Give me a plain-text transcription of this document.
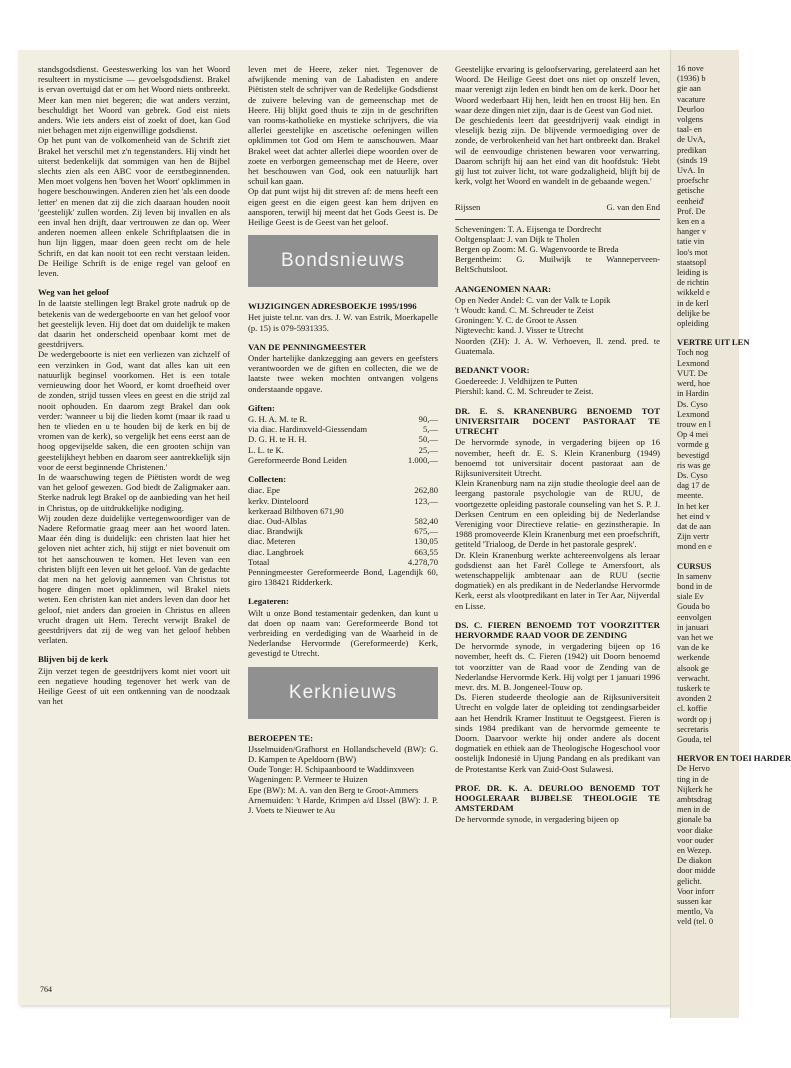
standsgodsdienst. Geesteswerking los van het Woord resulteert in mysticisme — gevoelsgodsdienst. Brakel is ervan overtuigd dat er om het Woord niets ontbreekt. Meer kan men niet begeren; die wat anders verzint, beschuldigt het Woord van gebrek. God eist niets anders. Wie iets anders eist of zoekt of doet, kan God niet behagen met zijn eigenwillige godsdienst.

Op het punt van de volkomenheid van de Schrift ziet Brakel het verschil met z'n tegenstanders. Hij vindt het uiterst bedenkelijk dat sommigen van hen de Bijbel slechts zien als een ABC voor de eerstbeginnenden. Men moet volgens hen 'boven het Woort' opklimmen in hogere beschouwingen. Anderen zien het 'als een doode letter' en menen dat zij die zich daaraan houden nooit 'geestelijk' zullen worden. Zij leven bij invallen en als een inval hen drijft, daar vertrouwen ze dan op. Weer anderen noemen alleen enkele Schriftplaatsen die in hun lijn liggen, maar doen geen recht om de hele Schrift, en dat kan nooit tot een recht verstaan leiden. De Heilige Schrift is de enige regel van geloof en leven.

Weg van het geloof

In de laatste stellingen legt Brakel grote nadruk op de betekenis van de wedergeboorte en van het geloof voor het geestelijk leven. Hij doet dat om duidelijk te maken dat daarin het onderscheid openbaar komt met de geestdrijvers.

De wedergeboorte is niet een verliezen van zichzelf of een verzinken in God, want dat alles kan uit een natuurlijk beginsel voorkomen. Het is een totale vernieuwing door het Woord, er komt droefheid over de zonden, strijd tussen vlees en geest en die strijd zal nooit ophouden. En daarom zegt Brakel dan ook verder: 'wanneer u bij die lieden komt (maar ik raad u hen te vlieden en u te houden bij de kerk en bij de vromen van de kerk), so vergelijk het eens eerst aan de hoog opgevijselde saken, die een grooten schijn van geestelijkheyt hebben en daarom seer aantrekkelijk sijn voor de eerst beginnende Christenen.'

In de waarschuwing tegen de Piëtisten wordt de weg van het geloof gewezen. God biedt de Zaligmaker aan. Sterke nadruk legt Brakel op de aanbieding van het heil in Christus, op de uitdrukkelijke nodiging.

Wij zouden deze duidelijke vertegenwoordiger van de Nadere Reformatie graag meer aan het woord laten. Maar één ding is duidelijk: een christen laat hier het geloven niet achter zich, hij stijgt er niet bovenuit om tot het aanschouwen te komen. Het leven van een christen blijft een leven uit het geloof. Van de gedachte dat men na het gelovig aannemen van Christus tot hogere dingen moet opklimmen, wil Brakel niets weten. Een christen kan niet anders leven dan door het geloof, niet anders dan groeien in Christus en alleen vrucht dragen uit Hem. Terecht verwijt Brakel de geestdrijvers dat zij de weg van het geloof hebben verlaten.

Blijven bij de kerk

Zijn verzet tegen de geestdrijvers komt niet voort uit een negatieve houding tegenover het werk van de Heilige Geest of uit een ontkenning van de noodzaak van het

leven met de Heere, zeker niet. Tegenover de afwijkende mening van de Labadisten en andere Piëtisten stelt de schrijver van de Redelijke Godsdienst de zuivere beleving van de gemeenschap met de Heere. Hij blijkt goed thuis te zijn in de geschriften van rooms-katholieke en mystieke schrijvers, die via allerlei geestelijke en ascetische oefeningen willen opklimmen tot God om Hem te aanschouwen. Maar Brakel weet dat achter allerlei diepe woorden over de zoete en verborgen gemeenschap met de Heere, over het beschouwen van God, ook een natuurlijk hart schuil kan gaan.

Op dat punt wijst hij dit streven af: de mens heeft een eigen geest en die eigen geest kan hem drijven en aansporen, terwijl hij meent dat het Gods Geest is. De Heilige Geest is de Geest van het geloof.

Bondsnieuws
WIJZIGINGEN ADRESBOEKJE 1995/1996

Het juiste tel.nr. van drs. J. W. van Estrik, Moerkapelle (p. 15) is 079-5931335.

VAN DE PENNINGMEESTER

Onder hartelijke dankzegging aan gevers en geefsters verantwoorden we de giften en collecten, die we de laatste twee weken mochten ontvangen volgens onderstaande opgave.

Giften:
G. H. A. M. te R.	90,—
via diac. Hardinxveld-Giessendam	5,—
D. G. H. te H. H.	50,—
L. L. te K.	25,—
Gereformeerde Bond Leiden	1.000,—
Collecten:
diac. Epe	262,80
kerkv. Dinteloord	123,—
kerkeraad Bilthoven 671,90
diac. Oud-Alblas	582,40
diac. Brandwijk	675,—
diac. Meteren	130,05
diac. Langbroek	663,55
Totaal	4.278,70

Penningmeester Gereformeerde Bond, Lagendijk 60, giro 138421 Ridderkerk.

Legateren:

Wilt u onze Bond testamentair gedenken, dan kunt u dat doen op naam van: Gereformeerde Bond tot verbreiding en verdediging van de Waarheid in de Nederlandse Hervormde (Gereformeerde) Kerk, gevestigd te Utrecht.

Kerknieuws
BEROEPEN TE:

IJsselmuiden/Grafhorst en Hollandscheveld (BW): G. D. Kampen te Apeldoorn (BW)

Oude Tonge: H. Schipaanboord te Waddinxveen

Wageningen: P. Vermeer te Huizen

Epe (BW): M. A. van den Berg te Groot-Ammers

Arnemuiden: 't Harde, Krimpen a/d IJssel (BW): J. P. J. Voets te Nieuwer te Au

Geestelijke ervaring is geloofservaring, gerelateerd aan het Woord. De Heilige Geest doet ons niet op onszelf leven, maar verenigt zijn leden en bindt hen om de kerk. Door het Woord wederbaart Hij hen, leidt hen en troost Hij hen. En waar deze dingen niet zijn, daar is de Geest van God niet.

De geschiedenis leert dat geestdrijverij vaak eindigt in vleselijk bezig zijn. De blijvende vermoediging over de zonde, de verbrokenheid van het hart ontbreekt dan. Brakel wil de eenvoudige christenen bewaren voor verwarring. Daarom schrijft hij aan het eind van dit hoofdstuk: 'Hebt gij lust tot zuiver licht, tot ware godzaligheid, blijft bij de kerk, volgt het Woord en wandelt in de gebaande wegen.'

Rijssen	G. van den End

Scheveningen: T. A. Eijsenga te Dordrecht

Ooltgensplaat: J. van Dijk te Tholen

Bergen op Zoom: M. G. Wagenvoorde te Breda

Bergentheim: G. Muilwijk te Wanneperveen-BeltSchutsloot.

AANGENOMEN NAAR:

Op en Neder Andel: C. van der Valk te Lopik

't Woudt: kand. C. M. Schreuder te Zeist

Groningen: Y. C. de Groot te Assen

Nigtevecht: kand. J. Visser te Utrecht

Noorden (ZH): J. A. W. Verhoeven, ll. zend. pred. te Guatemala.

BEDANKT VOOR:

Goedereede: J. Veldhijzen te Putten

Piershil: kand. C. M. Schreuder te Zeist.

DR. E. S. KRANENBURG BENOEMD TOT UNIVERSITAIR DOCENT PASTORAAT TE UTRECHT

De hervormde synode, in vergadering bijeen op 16 november, heeft dr. E. S. Klein Kranenburg (1949) benoemd tot universitair docent pastoraat aan de Rijksuniversiteit Utrecht.

Klein Kranenburg nam na zijn studie theologie deel aan de leergang pastorale psychologie van de RUU, de voortgezette opleiding pastorale counseling van het S. P. J. Derksen Centrum en een opleiding bij de Nederlandse Vereniging voor Directieve relatie- en gezinstherapie. In 1988 promoveerde Klein Kranenburg met een proefschrift, getiteld 'Trialoog, de Derde in het pastorale gesprek'.

Dr. Klein Kranenburg werkte achtereenvolgens als leraar godsdienst aan het Farèl College te Amersfoort, als wetenschappelijk ambtenaar aan de RUU (sectie dogmatiek) en als predikant in de Nederlandse Hervormde Kerk, eerst als vlootpredikant en later in Ter Aar, Nijverdal en Lisse.

DS. C. FIEREN BENOEMD TOT VOORZITTER HERVORMDE RAAD VOOR DE ZENDING

De hervormde synode, in vergadering bijeen op 16 november, heeft ds. C. Fieren (1942) uit Doorn benoemd tot voorzitter van de Raad voor de Zending van de Nederlandse Hervormde Kerk. Hij volgt per 1 januari 1996 mevr. drs. M. B. Jongeneel-Touw op.

Ds. Fieren studeerde theologie aan de Rijksuniversiteit Utrecht en volgde later de opleiding tot zendingsarbeider aan het Hendrik Kramer Instituut te Oegstgeest. Fieren is sinds 1984 predikant van de hervormde gemeente te Doorn. Daarvoor werkte hij onder andere als docent dogmatiek en ethiek aan de Theologische Hogeschool voor oostelijk Indonesië in Ujung Pandang en als predikant van de Protestantse Kerk van Zuid-Oost Sulawesi.

PROF. DR. K. A. DEURLOO BENOEMD TOT HOOGLERAAR BIJBELSE THEOLOGIE TE AMSTERDAM

De hervormde synode, in vergadering bijeen op

764

16 nove

(1936) b

gie aan

vacature

Deurloo

volgens

taal- en

de UvA,

predikan

(sinds 19

UvA. In

proefschr

getische

eenheid'

Prof. De

ken en a

hanger v

tatie vin

loo's mot

staatsopl

leiding is

de richtin

wikkeld e

in de kerl

delijke be

opleiding

VERTRE UIT LEN

Toch nog

Lexmond

VUT. De

werd, hoe

in Hardin

Ds. Cyso

Lexmond

trouw en l

Op 4 mei

vormde g

bevestigd

ris was ge

Ds. Cyso

dag 17 de

meente.

In het ker

het eind v

dat de aan

Zijn vertr

mond en e

CURSUS

In samenv

bond in de

siale Ev

Gouda bo

eenvolgen

in januari

van het we

van de ke

werkende

alsook ge

verwacht.

tuskerk te

avonden 2

cl. koffie

wordt op j

secretaris

Gouda, tel

HERVOR EN TOEI HARDER

De Hervo

ting in de

Nijkerk he

ambtsdrag

men in de

gionale ba

voor diake

voor ouder

en Wezep.

De diakon

door midde

gelicht.

Voor inforr

sussen kar

mentlo, Va

veld (tel. 0
